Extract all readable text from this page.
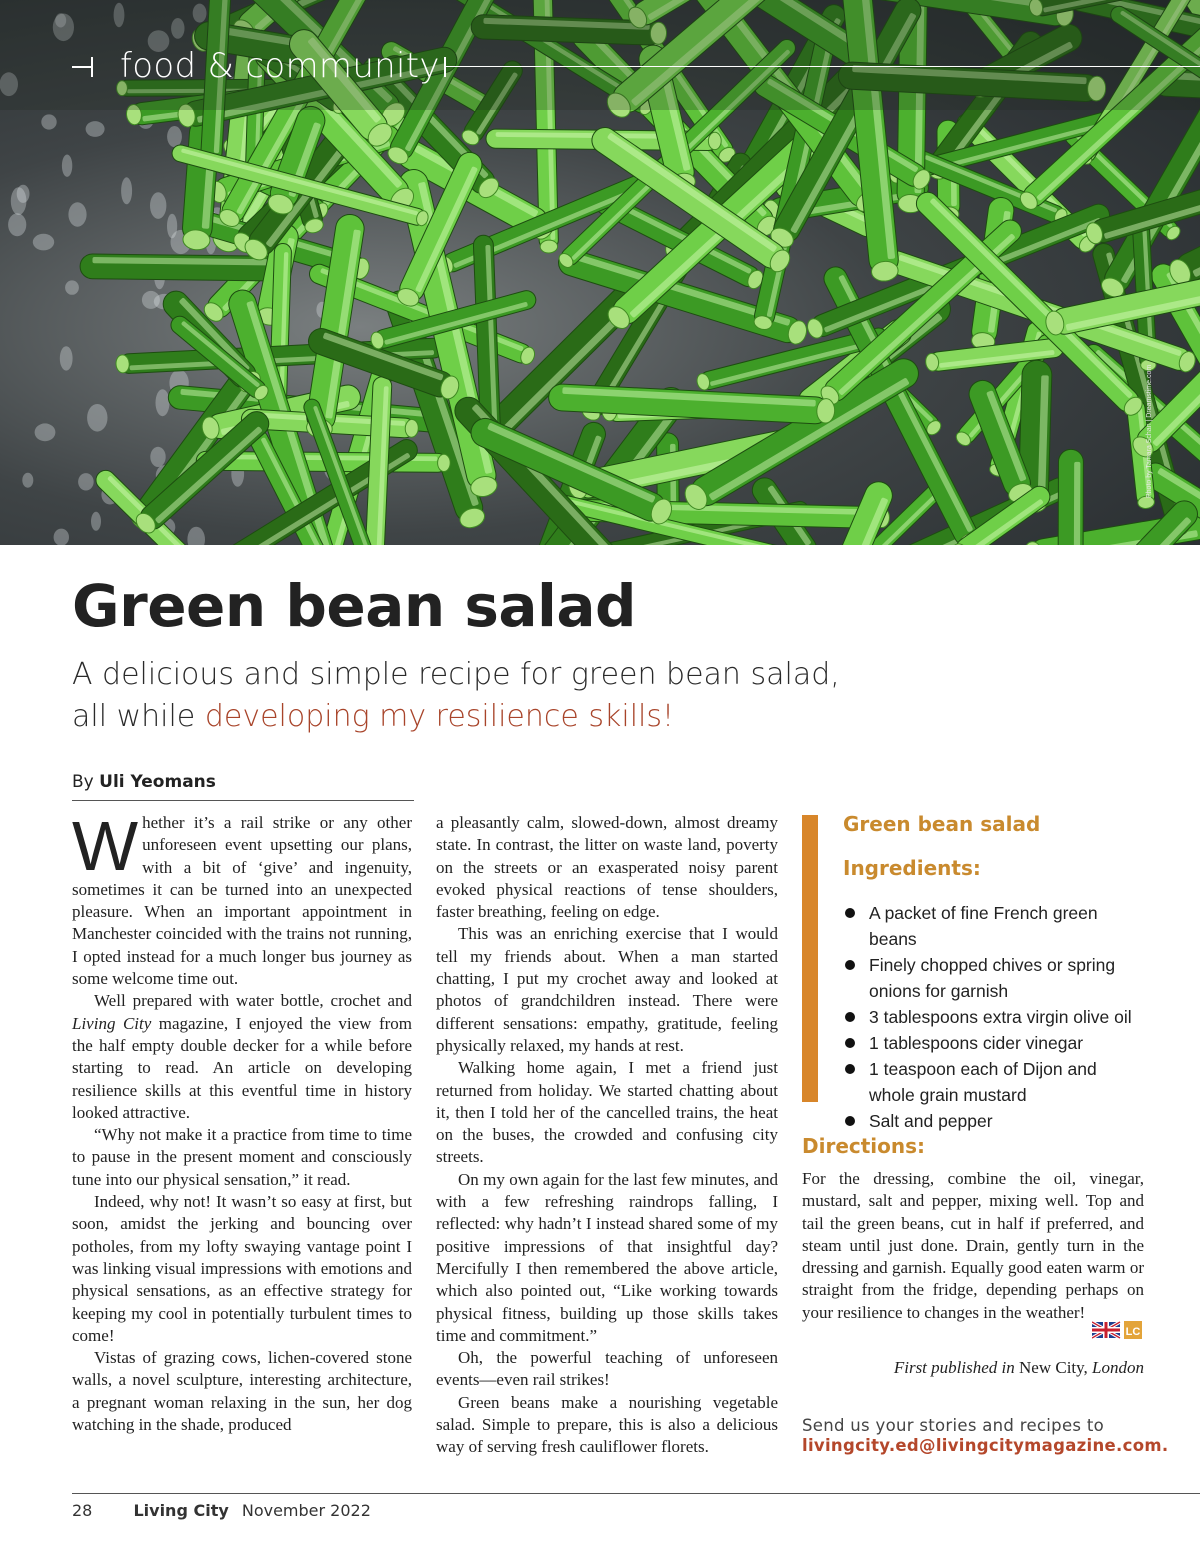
food & community
Photo by Tamara Schan | Dreamstime.com
Green bean salad

A delicious and simple recipe for green bean salad,
all while developing my resilience skills!

By Uli Yeomans

Whether it’s a rail strike or any other unforeseen event upsetting our plans, with a bit of ‘give’ and ingenuity, sometimes it can be turned into an unexpected pleasure. When an important appointment in Manchester coincided with the trains not running, I opted instead for a much longer bus journey as some welcome time out.

Well prepared with water bottle, crochet and Living City magazine, I enjoyed the view from the half empty double decker for a while before starting to read. An article on developing resilience skills at this eventful time in history looked attractive.

“Why not make it a practice from time to time to pause in the present moment and consciously tune into our physical sensation,” it read.

Indeed, why not! It wasn’t so easy at first, but soon, amidst the jerking and bouncing over potholes, from my lofty swaying vantage point I was linking visual impressions with emotions and physical sensations, as an effective strategy for keeping my cool in potentially turbulent times to come!

Vistas of grazing cows, lichen-covered stone walls, a novel sculpture, interesting architecture, a pregnant woman relaxing in the sun, her dog watching in the shade, produced

a pleasantly calm, slowed-down, almost dreamy state. In contrast, the litter on waste land, poverty on the streets or an exasperated noisy parent evoked physical reactions of tense shoulders, faster breathing, feeling on edge.

This was an enriching exercise that I would tell my friends about. When a man started chatting, I put my crochet away and looked at photos of grandchildren instead. There were different sensations: empathy, gratitude, feeling physically relaxed, my hands at rest.

Walking home again, I met a friend just returned from holiday. We started chatting about it, then I told her of the cancelled trains, the heat on the buses, the crowded and confusing city streets.

On my own again for the last few minutes, and with a few refreshing raindrops falling, I reflected: why hadn’t I instead shared some of my positive impressions of that insightful day? Mercifully I then remembered the above article, which also pointed out, “Like working towards physical fitness, building up those skills takes time and commitment.”

Oh, the powerful teaching of unforeseen events—even rail strikes!

Green beans make a nourishing vegetable salad. Simple to prepare, this is also a delicious way of serving fresh cauliflower florets.

Green bean salad
Ingredients:
A packet of fine French green beans
Finely chopped chives or spring onions for garnish
3 tablespoons extra virgin olive oil
1 tablespoons cider vinegar
1 teaspoon each of Dijon and whole grain mustard
Salt and pepper
Directions:

For the dressing, combine the oil, vinegar, mustard, salt and pepper, mixing well. Top and tail the green beans, cut in half if preferred, and steam until just done. Drain, gently turn in the dressing and garnish. Equally good eaten warm or straight from the fridge, depending perhaps on your resilience to changes in the weather!

LC

First published in New City, London

Send us your stories and recipes to
livingcity.ed@livingcitymagazine.com.

28	Living City November 2022
